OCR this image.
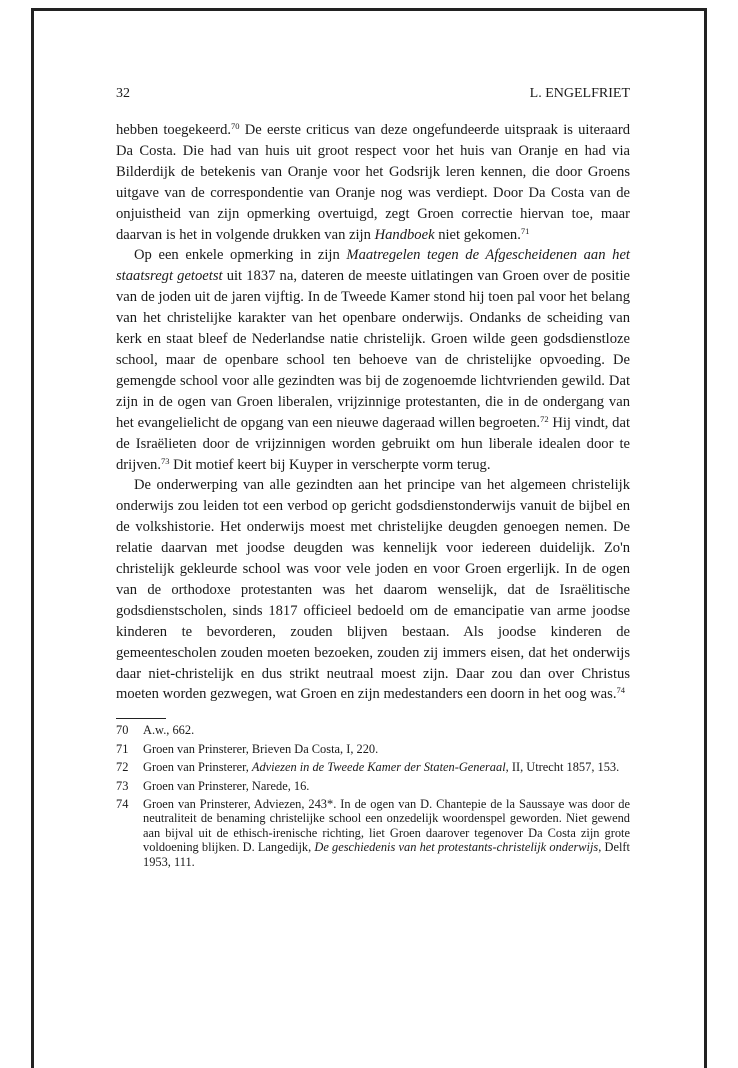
32	L. ENGELFRIET

hebben toegekeerd.$^{70}$ De eerste criticus van deze ongefundeerde uitspraak is uiteraard Da Costa. Die had van huis uit groot respect voor het huis van Oranje en had via Bilderdijk de betekenis van Oranje voor het Godsrijk leren kennen, die door Groens uitgave van de correspondentie van Oranje nog was verdiept. Door Da Costa van de onjuistheid van zijn opmerking overtuigd, zegt Groen correctie hiervan toe, maar daarvan is het in volgende drukken van zijn Handboek niet gekomen.$^{71}$

Op een enkele opmerking in zijn Maatregelen tegen de Afgescheidenen aan het staatsregt getoetst uit 1837 na, dateren de meeste uitlatingen van Groen over de positie van de joden uit de jaren vijftig. In de Tweede Kamer stond hij toen pal voor het belang van het christelijke karakter van het openbare onderwijs. Ondanks de scheiding van kerk en staat bleef de Nederlandse natie christelijk. Groen wilde geen godsdienstloze school, maar de openbare school ten behoeve van de christelijke opvoeding. De gemengde school voor alle gezindten was bij de zogenoemde lichtvrienden gewild. Dat zijn in de ogen van Groen liberalen, vrijzinnige protestanten, die in de ondergang van het evangelielicht de opgang van een nieuwe dageraad willen begroeten.$^{72}$ Hij vindt, dat de Israëlieten door de vrijzinnigen worden gebruikt om hun liberale idealen door te drijven.$^{73}$ Dit motief keert bij Kuyper in verscherpte vorm terug.

De onderwerping van alle gezindten aan het principe van het algemeen christelijk onderwijs zou leiden tot een verbod op gericht godsdienstonderwijs vanuit de bijbel en de volkshistorie. Het onderwijs moest met christelijke deugden genoegen nemen. De relatie daarvan met joodse deugden was kennelijk voor iedereen duidelijk. Zo'n christelijk gekleurde school was voor vele joden en voor Groen ergerlijk. In de ogen van de orthodoxe protestanten was het daarom wenselijk, dat de Israëlitische godsdienstscholen, sinds 1817 officieel bedoeld om de emancipatie van arme joodse kinderen te bevorderen, zouden blijven bestaan. Als joodse kinderen de gemeentescholen zouden moeten bezoeken, zouden zij immers eisen, dat het onderwijs daar niet-christelijk en dus strikt neutraal moest zijn. Daar zou dan over Christus moeten worden gezwegen, wat Groen en zijn medestanders een doorn in het oog was.$^{74}$

70	A.w., 662.
71	Groen van Prinsterer, Brieven Da Costa, I, 220.
72	Groen van Prinsterer, Adviezen in de Tweede Kamer der Staten-Generaal, II, Utrecht 1857, 153.
73	Groen van Prinsterer, Narede, 16.
74	Groen van Prinsterer, Adviezen, 243*. In de ogen van D. Chantepie de la Saussaye was door de neutraliteit de benaming christelijke school een onzedelijk woordenspel geworden. Niet gewend aan bijval uit de ethisch-irenische richting, liet Groen daarover tegenover Da Costa zijn grote voldoening blijken. D. Langedijk, De geschiedenis van het protestants-christelijk onderwijs, Delft 1953, 111.
